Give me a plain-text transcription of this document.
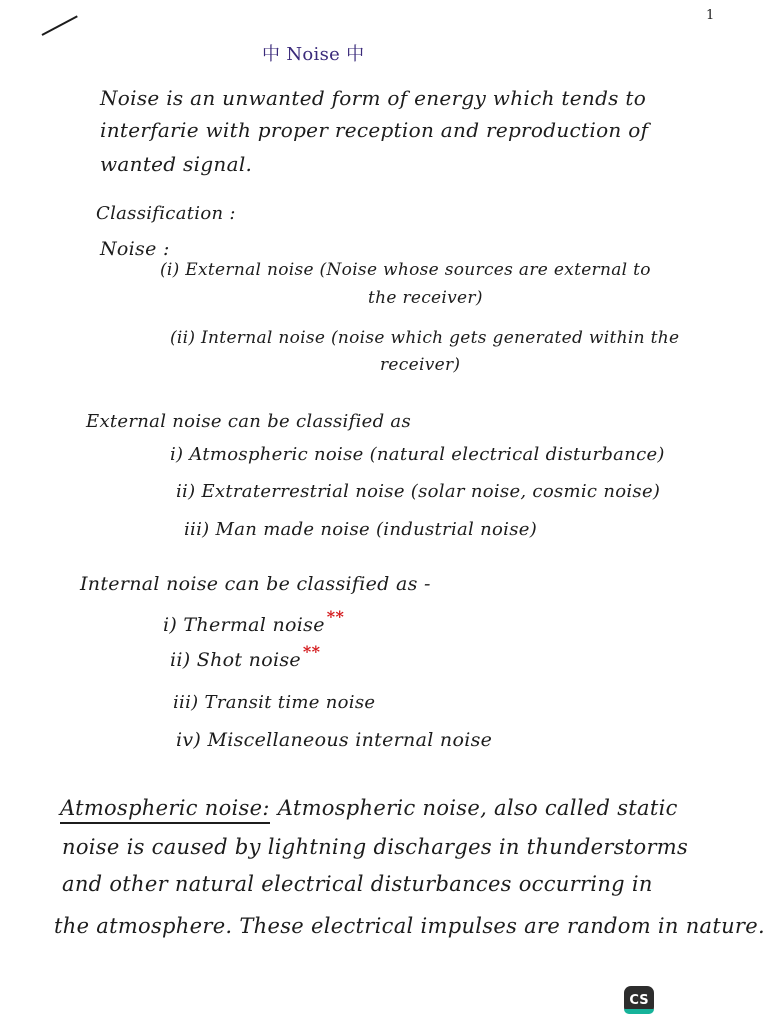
1
中 Noise 中
Noise is an unwanted form of energy which tends to
interfarie with proper reception and reproduction of
wanted signal.
Classification :
Noise :
(i) External noise (Noise whose sources are external to
the receiver)
(ii) Internal noise (noise which gets generated within the
receiver)
External noise can be classified as
i) Atmospheric noise (natural electrical disturbance)
ii) Extraterrestrial noise (solar noise, cosmic noise)
iii) Man made noise (industrial noise)
Internal noise can be classified as -
i) Thermal noise **
ii) Shot noise **
iii) Transit time noise
iv) Miscellaneous internal noise
Atmospheric noise: Atmospheric noise, also called static
noise is caused by lightning discharges in thunderstorms
and other natural electrical disturbances occurring in
the atmosphere. These electrical impulses are random in nature.
CS
